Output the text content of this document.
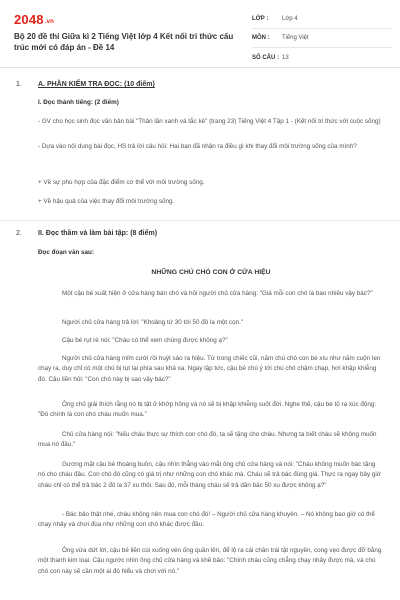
2048.vn
Bộ 20 đề thi Giữa kì 2 Tiếng Việt lớp 4 Kết nối tri thức cấu trúc mới có đáp án - Đề 14
LỚP :	Lớp 4
MÔN :	Tiếng Việt
SỐ CÂU : 13
1. A. PHẦN KIỂM TRA ĐỌC: (10 điểm)
I. Đọc thành tiếng: (2 điểm)
- GV cho học sinh đọc văn bản bài "Thân lăn xanh và tắc kè" (trang 23) Tiếng Việt 4 Tập 1 - (Kết nối tri thức với cuộc sống)
- Dựa vào nội dung bài đọc, HS trả lời câu hỏi: Hai bạn đã nhận ra điều gì khi thay đổi môi trường sống của mình?
+ Về sự phù hợp của đặc điểm cơ thể với môi trường sống.
+ Về hậu quả của việc thay đổi môi trường sống.
2. II. Đọc thầm và làm bài tập: (8 điểm)
Đọc đoạn văn sau:
NHỮNG CHÚ CHÓ CON Ở CỬA HIỆU
Một cậu bé xuất hiện ở cửa hàng bán chó và hỏi người chủ cửa hàng: "Giá mỗi con chó là bao nhiêu vậy bác?"
Người chủ cửa hàng trả lời: "Khoảng từ 30 tới 50 đô la một con."
Cậu bé rụt rè nói: "Cháu có thể xem chúng được không ạ?"
Người chủ cửa hàng mỉm cười rồi huýt sáo ra hiệu. Từ trong chiếc cũi, năm chú chó con bé xíu như năm cuộn len chạy ra, duy chỉ có một chú bị tụt lại phía sau khá xa. Ngay lập tức, cậu bé chú ý tới chú chó chậm chạp, hơi khập khiễng đó. Cậu liền hỏi: "Con chó này bị sao vậy bác?"
Ông chủ giải thích rằng nó bị tật ở khớp hông và nó sẽ bị khập khiễng suốt đời. Nghe thế, cậu bé tỏ ra xúc động: "Đó chính là con chó cháu muốn mua."
Chủ cửa hàng nói: "Nếu cháu thực sự thích con chó đó, ta sẽ tặng cho cháu. Nhưng ta biết cháu sẽ không muốn mua nó đâu."
Gương mặt cậu bé thoáng buồn, cậu nhìn thẳng vào mắt ông chủ cửa hàng và nói: "Cháu không muốn bác tặng nó cho cháu đâu. Con chó đó cũng có giá trị như những con chó khác mà. Cháu sẽ trả bác đúng giá. Thực ra ngay bây giờ cháu chỉ có thể trả bác 2 đô la 37 xu thôi. Sau đó, mỗi tháng cháu sẽ trả dần bác 50 xu được không ạ?"
- Bác bảo thật nhé, cháu không nên mua con chó đó! – Người chủ cửa hàng khuyên. – Nó không bao giờ có thể chạy nhảy và chơi đùa như những con chó khác được đâu.
Ông vừa dứt lời, cậu bé liền cúi xuống vén ống quần lên, để lộ ra cái chân trái tật nguyền, cong vẹo được đỡ bằng một thanh kim loại. Cậu ngước nhìn ông chủ cửa hàng và khẽ bảo: "Chính cháu cũng chẳng chạy nhảy được mà, và chú chó con này sẽ cần một ai đó hiểu và chơi với nó."
